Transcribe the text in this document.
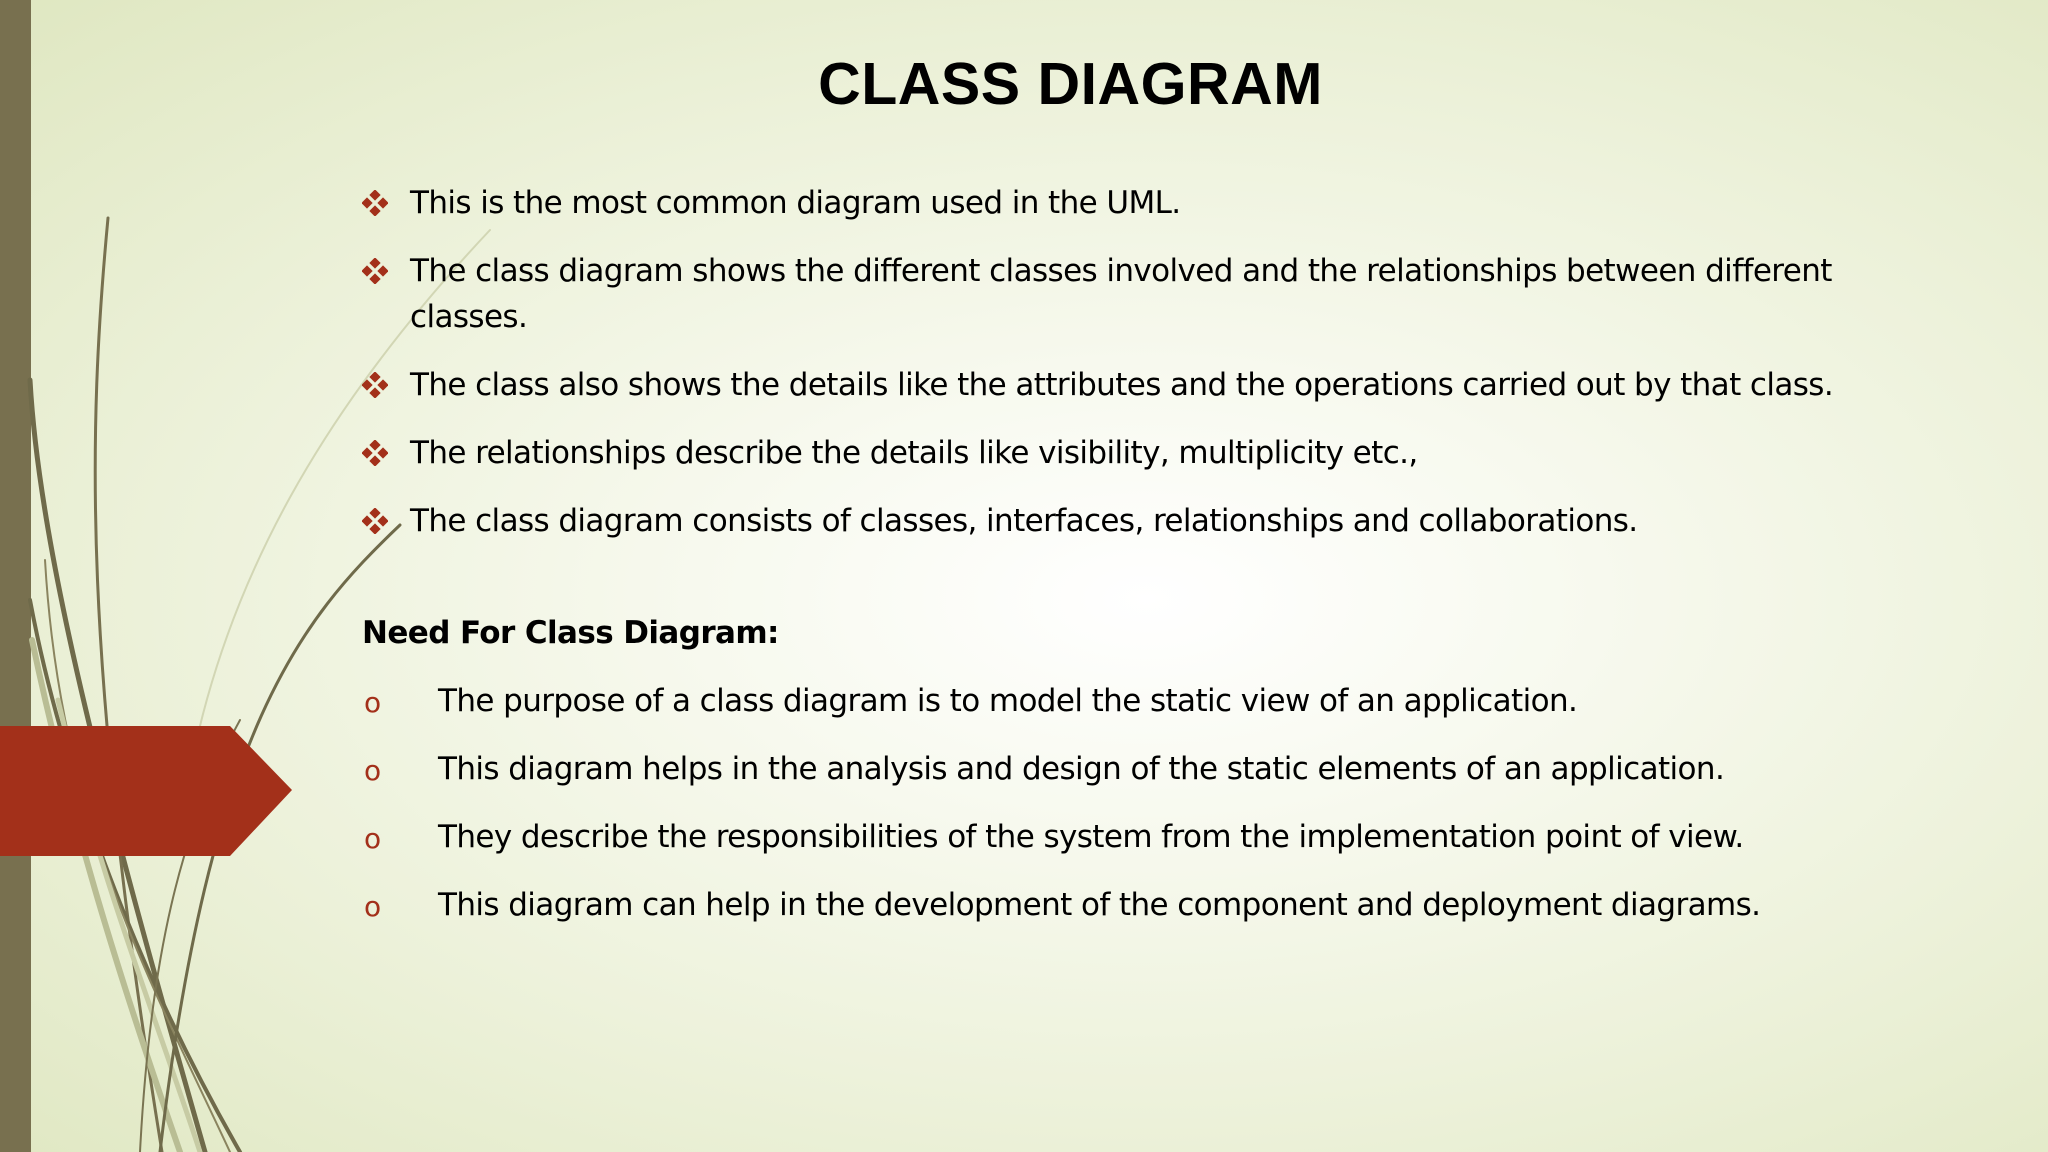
CLASS DIAGRAM
This is the most common diagram used in the UML.
The class diagram shows the different classes involved and the relationships between different classes.
The class also shows the details like the attributes and the operations carried out by that class.
The relationships describe the details like visibility, multiplicity etc.,
The class diagram consists of classes, interfaces, relationships and collaborations.
Need For Class Diagram:
o The purpose of a class diagram is to model the static view of an application.
o This diagram helps in the analysis and design of the static elements of an application.
o They describe the responsibilities of the system from the implementation point of view.
o This diagram can help in the development of the component and deployment diagrams.
